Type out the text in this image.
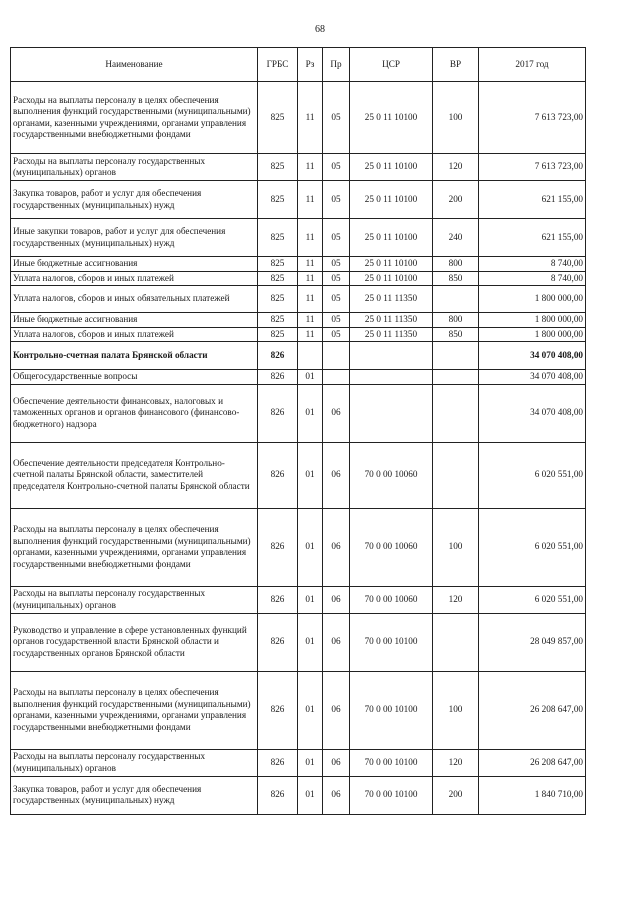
68
Наименование	ГРБС	Рз	Пр	ЦСР	ВР	2017 год
Расходы на выплаты персоналу в целях обеспечения выполнения функций государственными (муниципальными) органами, казенными учреждениями, органами управления государственными внебюджетными фондами	825	11	05	25 0 11 10100	100	7 613 723,00
Расходы на выплаты персоналу государственных (муниципальных) органов	825	11	05	25 0 11 10100	120	7 613 723,00
Закупка товаров, работ и услуг для обеспечения государственных (муниципальных) нужд	825	11	05	25 0 11 10100	200	621 155,00
Иные закупки товаров, работ и услуг для обеспечения государственных (муниципальных) нужд	825	11	05	25 0 11 10100	240	621 155,00
Иные бюджетные ассигнования	825	11	05	25 0 11 10100	800	8 740,00
Уплата налогов, сборов и иных платежей	825	11	05	25 0 11 10100	850	8 740,00
Уплата налогов, сборов и иных обязательных платежей	825	11	05	25 0 11 11350		1 800 000,00
Иные бюджетные ассигнования	825	11	05	25 0 11 11350	800	1 800 000,00
Уплата налогов, сборов и иных платежей	825	11	05	25 0 11 11350	850	1 800 000,00
Контрольно-счетная палата Брянской области	826					34 070 408,00
Общегосударственные вопросы	826	01				34 070 408,00
Обеспечение деятельности финансовых, налоговых и таможенных органов и органов финансового (финансово-бюджетного) надзора	826	01	06			34 070 408,00
Обеспечение деятельности председателя Контрольно-счетной палаты Брянской области, заместителей председателя Контрольно-счетной палаты Брянской области	826	01	06	70 0 00 10060		6 020 551,00
Расходы на выплаты персоналу в целях обеспечения выполнения функций государственными (муниципальными) органами, казенными учреждениями, органами управления государственными внебюджетными фондами	826	01	06	70 0 00 10060	100	6 020 551,00
Расходы на выплаты персоналу государственных (муниципальных) органов	826	01	06	70 0 00 10060	120	6 020 551,00
Руководство и управление в сфере установленных функций органов государственной власти Брянской области и государственных органов Брянской области	826	01	06	70 0 00 10100		28 049 857,00
Расходы на выплаты персоналу в целях обеспечения выполнения функций государственными (муниципальными) органами, казенными учреждениями, органами управления государственными внебюджетными фондами	826	01	06	70 0 00 10100	100	26 208 647,00
Расходы на выплаты персоналу государственных (муниципальных) органов	826	01	06	70 0 00 10100	120	26 208 647,00
Закупка товаров, работ и услуг для обеспечения государственных (муниципальных) нужд	826	01	06	70 0 00 10100	200	1 840 710,00
